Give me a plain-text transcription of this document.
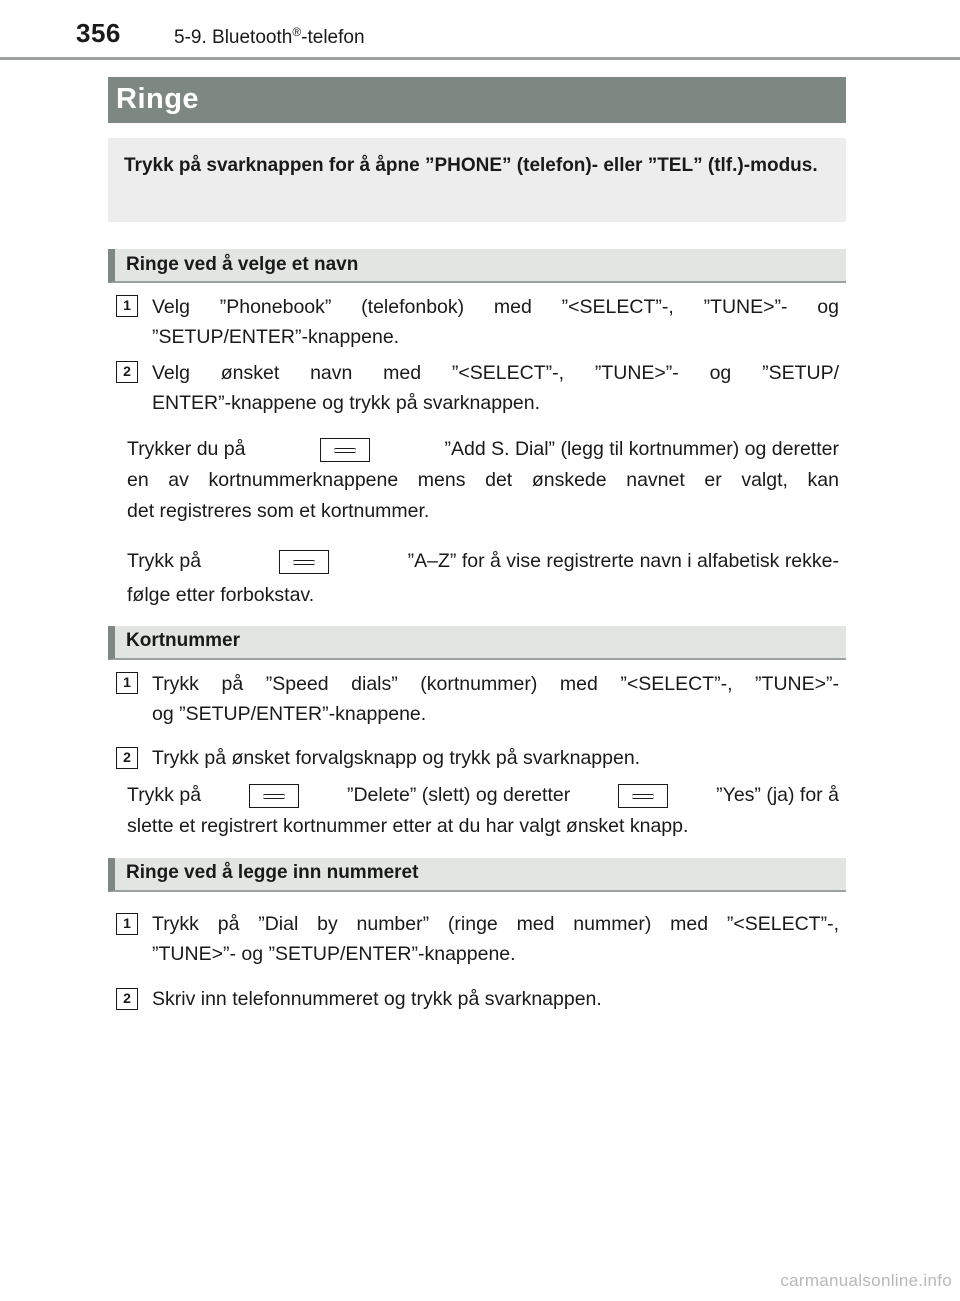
356	5-9. Bluetooth®-telefon
Ringe
Trykk på svarknappen for å åpne ”PHONE” (telefon)- eller ”TEL” (tlf.)-modus.
Ringe ved å velge et navn
1	Velg ”Phonebook” (telefonbok) med ”<SELECT”-, ”TUNE>”- og
”SETUP/ENTER”-knappene.
2	Velg ønsket navn med ”<SELECT”-, ”TUNE>”- og ”SETUP/
ENTER”-knappene og trykk på svarknappen.
Trykker du på	”Add S. Dial” (legg til kortnummer) og deretter
en av kortnummerknappene mens det ønskede navnet er valgt, kan
det registreres som et kortnummer.
Trykk på	”A–Z” for å vise registrerte navn i alfabetisk rekke-
følge etter forbokstav.
Kortnummer
1	Trykk på ”Speed dials” (kortnummer) med ”<SELECT”-, ”TUNE>”-
og ”SETUP/ENTER”-knappene.
2	Trykk på ønsket forvalgsknapp og trykk på svarknappen.
Trykk på	”Delete” (slett) og deretter	”Yes” (ja) for å
slette et registrert kortnummer etter at du har valgt ønsket knapp.
Ringe ved å legge inn nummeret
1	Trykk på ”Dial by number” (ringe med nummer) med ”<SELECT”-,
”TUNE>”- og ”SETUP/ENTER”-knappene.
2	Skriv inn telefonnummeret og trykk på svarknappen.
carmanualsonline.info
